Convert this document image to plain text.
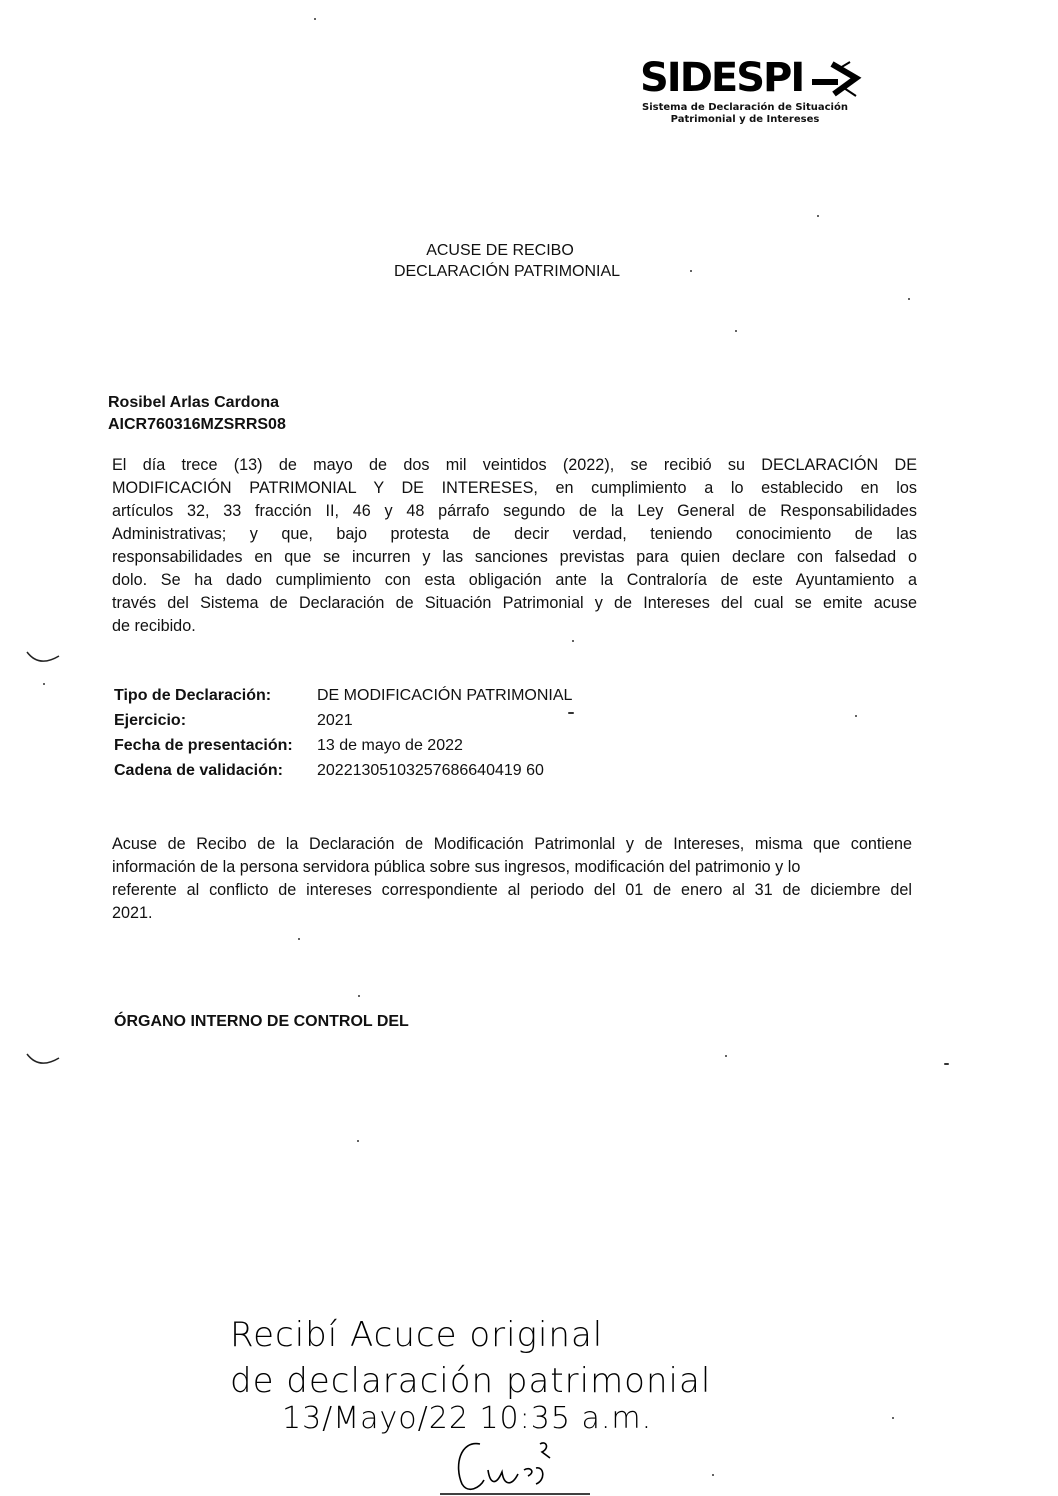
SIDESPI
Sistema de Declaración de Situación
Patrimonial y de Intereses
ACUSE DE RECIBO
DECLARACIÓN PATRIMONIAL
Rosibel Arlas Cardona
AICR760316MZSRRS08
El día trece (13) de mayo de dos mil veintidos (2022), se recibió su DECLARACIÓN DE
MODIFICACIÓN PATRIMONIAL Y DE INTERESES, en cumplimiento a lo establecido en los
artículos 32, 33 fracción II, 46 y 48 párrafo segundo de la Ley General de Responsabilidades
Administrativas; y que, bajo protesta de decir verdad, teniendo conocimiento de las
responsabilidades en que se incurren y las sanciones previstas para quien declare con falsedad o
dolo. Se ha dado cumplimiento con esta obligación ante la Contraloría de este Ayuntamiento a
través del Sistema de Declaración de Situación Patrimonial y de Intereses del cual se emite acuse
de recibido.
Tipo de Declaración:	DE MODIFICACIÓN PATRIMONIAL
Ejercicio:	2021
Fecha de presentación:	13 de mayo de 2022
Cadena de validación:	20221305103257686640419 60
Acuse de Recibo de la Declaración de Modificación Patrimonlal y de Intereses, misma que contiene
información de la persona servidora pública sobre sus ingresos, modificación del patrimonio y lo
referente al conflicto de intereses correspondiente al periodo del 01 de enero al 31 de diciembre del
2021.
ÓRGANO INTERNO DE CONTROL DEL
Recibí Acuce original
de declaración patrimonial
13/Mayo/22 10:35 a.m.
